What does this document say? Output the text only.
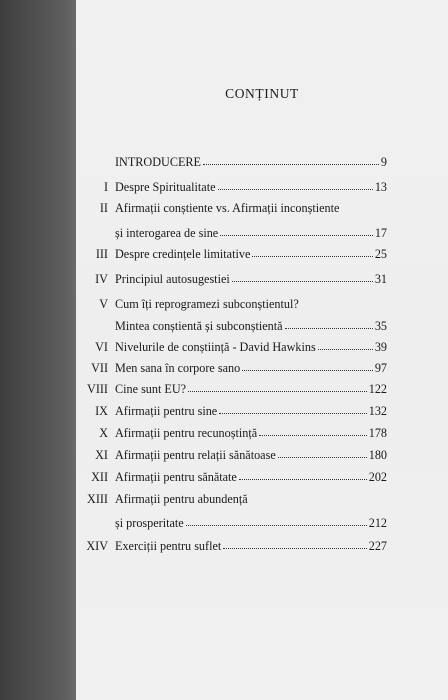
CONȚINUT
INTRODUCERE	9
I Despre Spiritualitate	13
II Afirmații conștiente vs. Afirmații inconștiente
și interogarea de sine	17
III Despre credințele limitative	25
IV Principiul autosugestiei	31
V Cum îți reprogramezi subconștientul?
Mintea conștientă și subconștientă	35
VI Nivelurile de conștiință - David Hawkins	39
VII Men sana în corpore sano	97
VIII Cine sunt EU?	122
IX Afirmații pentru sine	132
X Afirmații pentru recunoștință	178
XI Afirmații pentru relații sănătoase	180
XII Afirmații pentru sănătate	202
XIII Afirmații pentru abundență
și prosperitate	212
XIV Exerciții pentru suflet	227
